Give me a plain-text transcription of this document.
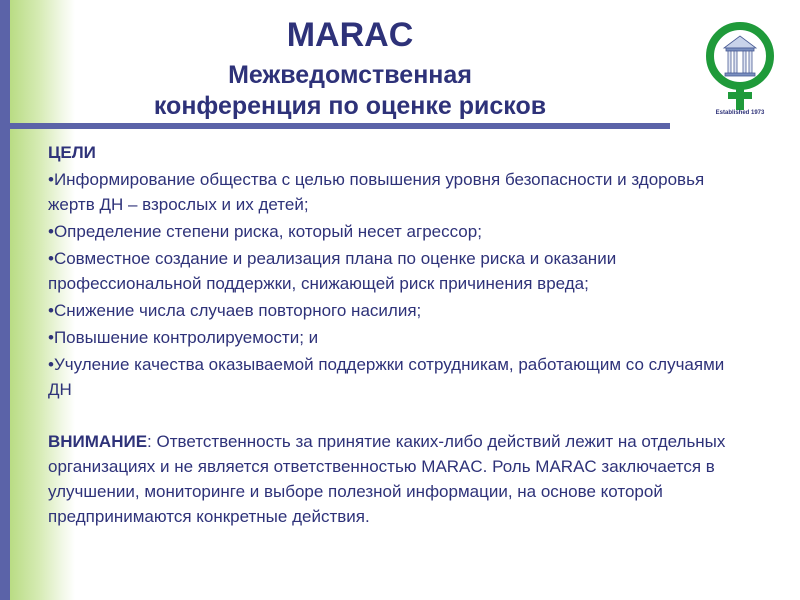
MARAC
Межведомственная
конференция по оценке рисков	Established 1973

ЦЕЛИ

•Информирование общества с целью повышения уровня безопасности и здоровья жертв ДН – взрослых и их детей;

•Определение степени риска, который несет агрессор;

•Совместное создание и реализация плана по оценке риска и оказании профессиональной поддержки, снижающей риск причинения вреда;

•Снижение числа случаев повторного насилия;

•Повышение контролируемости; и

•Учуление качества оказываемой поддержки сотрудникам, работающим со случаями ДН

ВНИМАНИЕ: Ответственность за принятие каких-либо действий лежит на отдельных организациях и не является ответственностью MARAC. Роль MARAC заключается в улучшении, мониторинге и выборе полезной информации, на основе которой предпринимаются конкретные действия.
